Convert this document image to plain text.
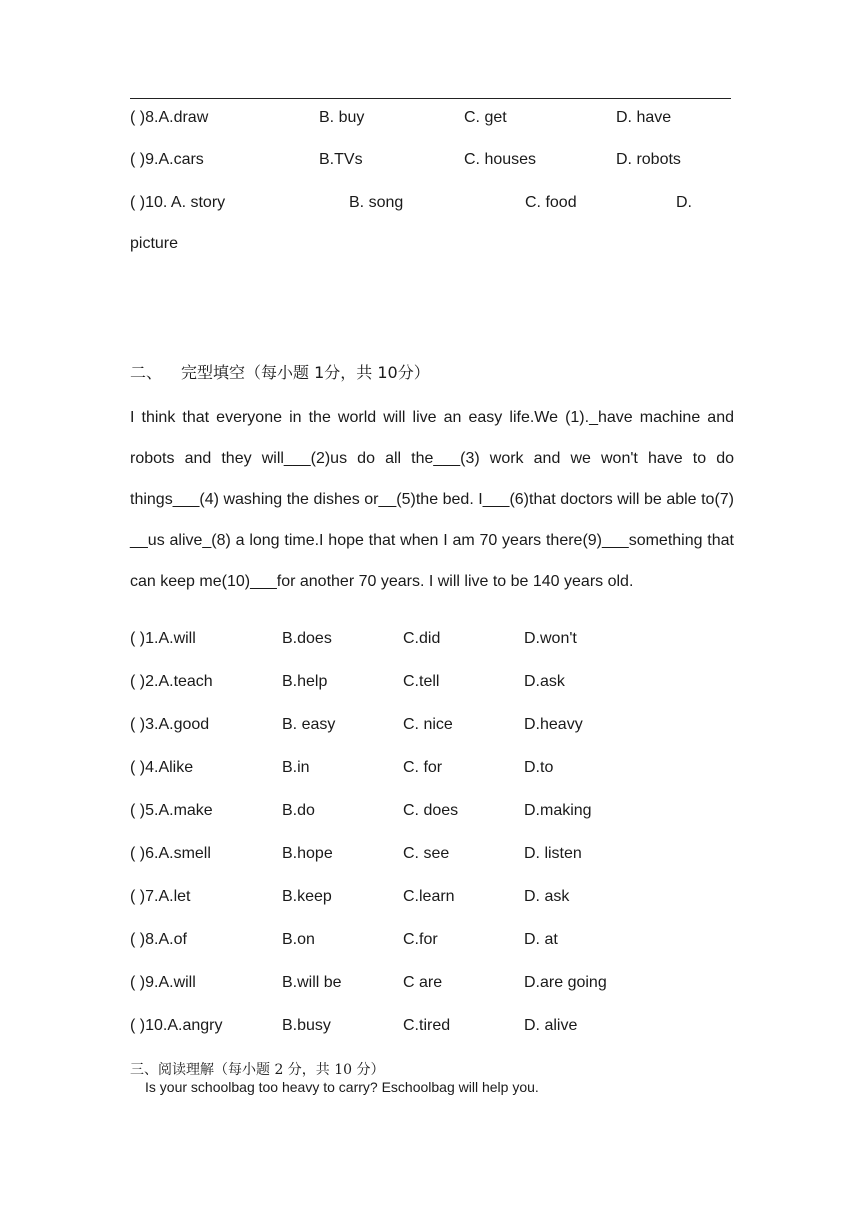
( )8.A.draw	B. buy	C. get	D. have
( )9.A.cars	B.TVs	C. houses	D. robots
( )10. A. story	B. song	C. food	D.
picture
二、 完型填空（每小题 1分，共 10分）
I think that everyone in the world will live an easy life.We (1)._have machine and
robots and they will___(2)us do all the___(3) work and we won't have to do
things___(4) washing the dishes or__(5)the bed. I___(6)that doctors will be able to(7)
__us alive_(8) a long time.I hope that when I am 70 years there(9)___something that
can keep me(10)___for another 70 years. I will live to be 140 years old.
( )1.A.will	B.does	C.did	D.won't
( )2.A.teach	B.help	C.tell	D.ask
( )3.A.good	B. easy	C. nice	D.heavy
( )4.Alike	B.in	C. for	D.to
( )5.A.make	B.do	C. does	D.making
( )6.A.smell	B.hope	C. see	D. listen
( )7.A.let	B.keep	C.learn	D. ask
( )8.A.of	B.on	C.for	D. at
( )9.A.will	B.will be	C are	D.are going
( )10.A.angry	B.busy	C.tired	D. alive
三、阅读理解（每小题 2 分，共 10 分）
Is your schoolbag too heavy to carry? Eschoolbag will help you.
